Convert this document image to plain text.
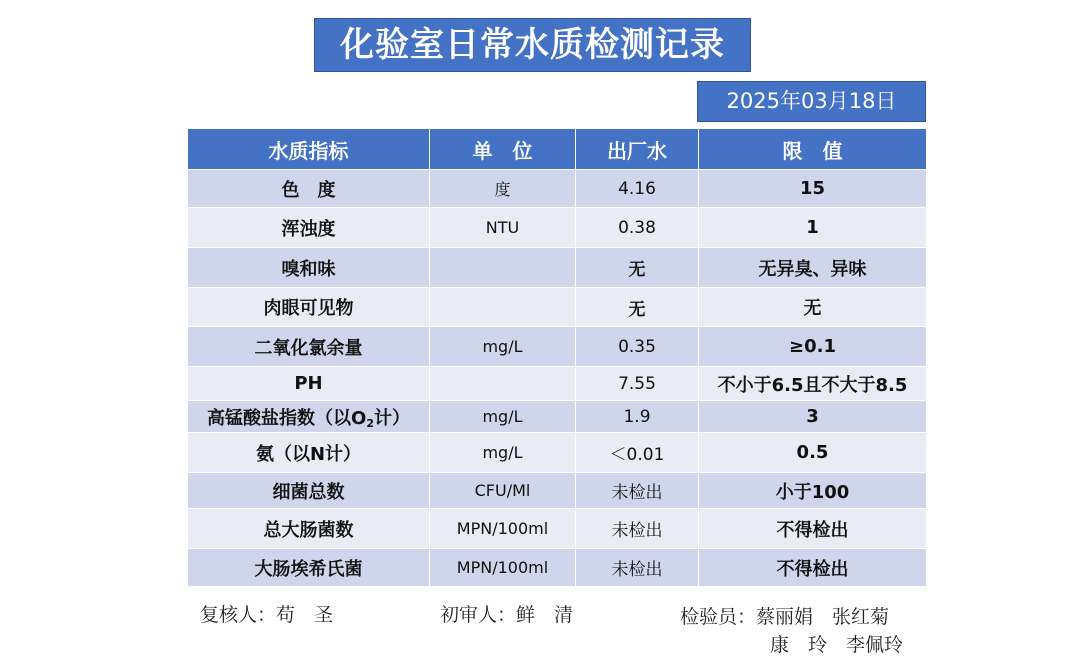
化验室日常水质检测记录
2025年03月18日
水质指标	单　位	出厂水	限　值
色　度	度	4.16	15
浑浊度	NTU	0.38	1
嗅和味		无	无异臭、异味
肉眼可见物		无	无
二氧化氯余量	mg/L	0.35	≥0.1
PH		7.55	不小于6.5且不大于8.5
高锰酸盐指数（以$O_2$计）	mg/L	1.9	3
氨（以N计）	mg/L	＜0.01	0.5
细菌总数	CFU/Ml	未检出	小于100
总大肠菌数	MPN/100ml	未检出	不得检出
大肠埃希氏菌	MPN/100ml	未检出	不得检出
复核人：苟　圣	初审人：鲜　清	检验员：蔡丽娟　张红菊
康　玲　李佩玲
